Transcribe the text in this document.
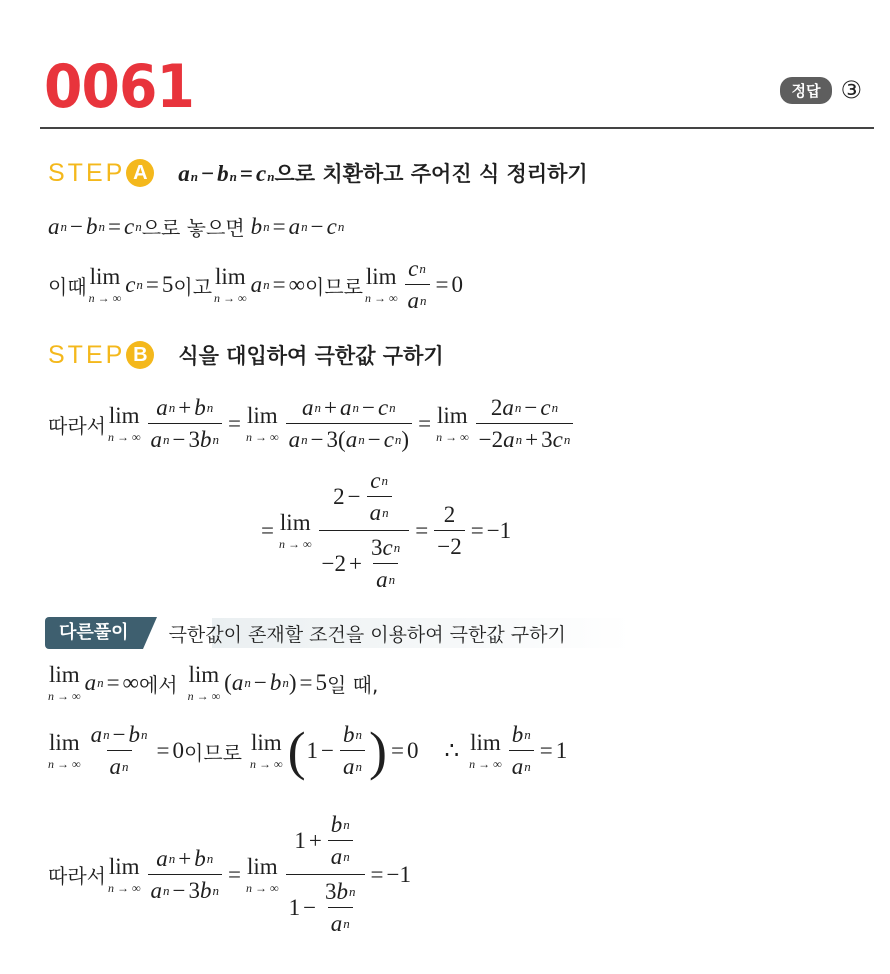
0061	정답 ③
STEP A a n − b n = c n 으로 치환하고 주어진 식 정리하기
a n − b n = c n 으로 놓으면 b n = a n − c n
이때 lim
n → ∞
c n = 5 이고 lim
n → ∞
a n = ∞ 이므로 lim
n → ∞ $\frac{\text{c n}}{\text{a n}} = 0$
STEP B	식을 대입하여 극한값 구하기
따라서 lim
n → ∞ $\frac{\text{a n + b n}}{\text{a n − 3 b n}} = \lim$
n → ∞ $\frac{\text{a n + a n − c n}}{\text{a n − 3 ( a n − c n )}} = \lim$
n → ∞ $\frac{\text{2 a n − c n}}{\text{− 2 a n + 3 c n}}$
= lim
n → ∞ $\frac{2 - \frac{\text{c n}}{\text{a n}}}{-2 + \frac{\text{3 c n}}{\text{a n}}} = \frac{2}{-2} = -1$
다른풀이	극한값이 존재할 조건을 이용하여 극한값 구하기
lim
n → ∞
a n = ∞ 에서 lim
n → ∞
( a n − b n ) = 5 일 때,
lim
n → ∞ $\frac{\text{a n − b n}}{\text{a n}} = 0$ 이므로 lim
n → ∞ ( $1 - \frac{\text{b n}}{\text{a n}}$ ) = 0 ∴ lim
n → ∞ $\frac{\text{b n}}{\text{a n}} = 1$
따라서 lim
n → ∞ $\frac{\text{a n + b n}}{\text{a n − 3 b n}} = \lim$
n → ∞ $\frac{1 + \frac{\text{b n}}{\text{a n}}}{1 - \frac{\text{3 b n}}{\text{a n}}} = -1$
